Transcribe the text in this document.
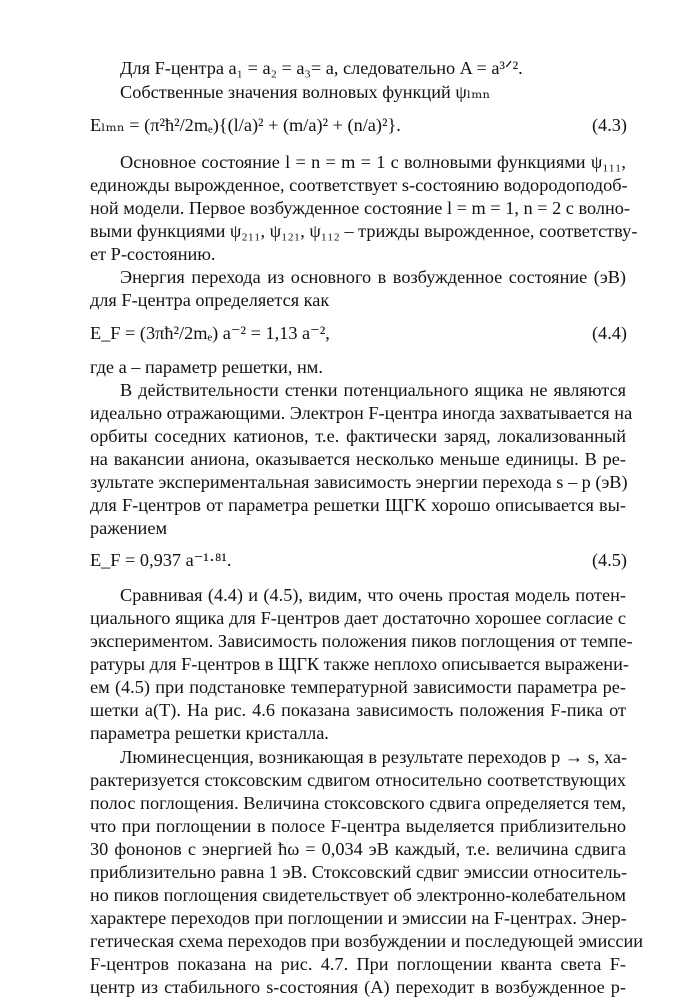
Для F-центра a₁ = a₂ = a₃= a, следовательно A = a³ᐟ².
Собственные значения волновых функций ψₗₘₙ
Eₗₘₙ = (π²ħ²/2mₑ){(l/a)² + (m/a)² + (n/a)²}.	(4.3)
Основное состояние l = n = m = 1 с волновыми функциями ψ₁₁₁,
единожды вырожденное, соответствует s-состоянию водородоподоб-
ной модели. Первое возбужденное состояние l = m = 1, n = 2 с волно-
выми функциями ψ₂₁₁, ψ₁₂₁, ψ₁₁₂ – трижды вырожденное, соответству-
ет P-состоянию.
Энергия перехода из основного в возбужденное состояние (эВ)
для F-центра определяется как
E_F = (3πħ²/2mₑ) a⁻² = 1,13 a⁻²,	(4.4)
где a – параметр решетки, нм.
В действительности стенки потенциального ящика не являются
идеально отражающими. Электрон F-центра иногда захватывается на
орбиты соседних катионов, т.е. фактически заряд, локализованный
на вакансии аниона, оказывается несколько меньше единицы. В ре-
зультате экспериментальная зависимость энергии перехода s – p (эВ)
для F-центров от параметра решетки ЩГК хорошо описывается вы-
ражением
E_F = 0,937 a⁻¹·⁸¹.	(4.5)
Сравнивая (4.4) и (4.5), видим, что очень простая модель потен-
циального ящика для F-центров дает достаточно хорошее согласие с
экспериментом. Зависимость положения пиков поглощения от темпе-
ратуры для F-центров в ЩГК также неплохо описывается выражени-
ем (4.5) при подстановке температурной зависимости параметра ре-
шетки a(T). На рис. 4.6 показана зависимость положения F-пика от
параметра решетки кристалла.
Люминесценция, возникающая в результате переходов p → s, ха-
рактеризуется стоксовским сдвигом относительно соответствующих
полос поглощения. Величина стоксовского сдвига определяется тем,
что при поглощении в полосе F-центра выделяется приблизительно
30 фононов с энергией ħω = 0,034 эВ каждый, т.е. величина сдвига
приблизительно равна 1 эВ. Стоксовский сдвиг эмиссии относитель-
но пиков поглощения свидетельствует об электронно-колебательном
характере переходов при поглощении и эмиссии на F-центрах. Энер-
гетическая схема переходов при возбуждении и последующей эмиссии
F-центров показана на рис. 4.7. При поглощении кванта света F-
центр из стабильного s-состояния (A) переходит в возбужденное p-
